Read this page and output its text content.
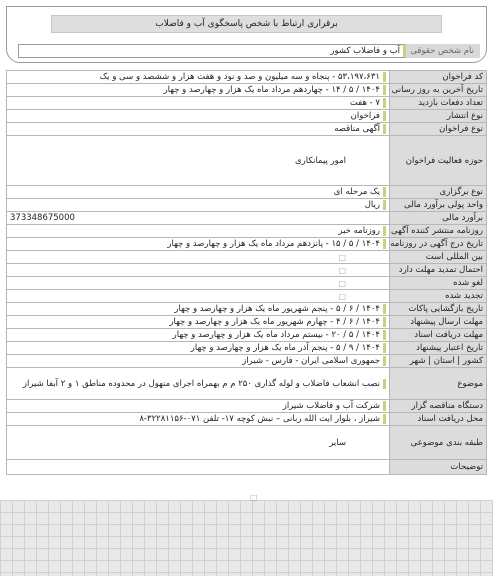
برقراری ارتباط با شخص پاسخگوی آب و فاضلاب
نام شخص حقوقی
آب و فاضلاب کشور
کد فراخوان	۵۳،۱۹۷،۶۳۱ - پنجاه و سه میلیون و صد و نود و هفت هزار و ششصد و سی و یک

تاریخ آخرین به روز رسانی	۱۴۰۴ / ۵ / ۱۴ - چهاردهم مرداد ماه یک هزار و چهارصد و چهار

تعداد دفعات بازدید	۷ - هفت

نوع انتشار	فراخوان

نوع فراخوان	آگهی مناقصه

حوزه فعالیت فراخوان	امور پیمانکاری

نوع برگزاری	یک مرحله ای

واحد پولی برآورد مالی	ریال

برآورد مالی	373348675000
روزنامه منتشر کننده آگهی	روزنامه خبر

تاریخ درج آگهی در روزنامه	۱۴۰۴ / ۵ / ۱۵ - پانزدهم مرداد ماه یک هزار و چهارصد و چهار

بین المللی است	□

احتمال تمدید مهلت دارد	□

لغو شده	□

تجدید شده	□

تاریخ بازگشایی پاکات	۱۴۰۴ / ۶ / ۵ - پنجم شهریور ماه یک هزار و چهارصد و چهار

مهلت ارسال پیشنهاد	۱۴۰۴ / ۶ / ۴ - چهارم شهریور ماه یک هزار و چهارصد و چهار

مهلت دریافت اسناد	۱۴۰۴ / ۵ / ۲۰ - بیستم مرداد ماه یک هزار و چهارصد و چهار

تاریخ اعتبار پیشنهاد	۱۴۰۴ / ۹ / ۵ - پنجم آذر ماه یک هزار و چهارصد و چهار

کشور | استان | شهر	جمهوری اسلامی ایران - فارس - شیراز

موضوع	نصب انشعاب فاضلاب و لوله گذاری ۲۵۰ م م بهمراه اجرای منهول در محدوده مناطق ۱ و ۲ آبفا شیراز

دستگاه مناقصه گزار	شرکت آب و فاضلاب شیراز

محل دریافت اسناد	شیراز ، بلوار ایت الله ربانی – نبش کوچه ۱۷- تلفن ۰۷۱-۳۲۲۸۱۱۵۶-۸

طبقه بندی موضوعی	سایر

توضیحات	
□
